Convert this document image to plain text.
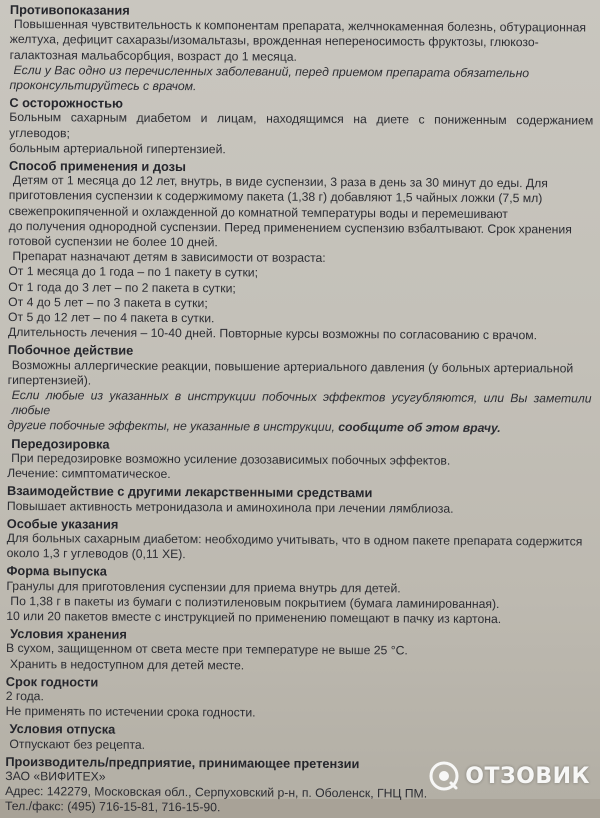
Противопоказания

Повышенная чувствительность к компонентам препарата, желчнокаменная болезнь, обтурационная

желтуха, дефицит сахаразы/изомальтазы, врожденная непереносимость фруктозы, глюкозо-

галактозная мальабсорбция, возраст до 1 месяца.

Если у Вас одно из перечисленных заболеваний, перед приемом препарата обязательно

проконсультируйтесь с врачом.

С осторожностью

Больным сахарным диабетом и лицам, находящимся на диете с пониженным содержанием углеводов;

больным артериальной гипертензией.

Способ применения и дозы

Детям от 1 месяца до 12 лет, внутрь, в виде суспензии, 3 раза в день за 30 минут до еды. Для

приготовления суспензии к содержимому пакета (1,38 г) добавляют 1,5 чайных ложки (7,5 мл)

свежепрокипяченной и охлажденной до комнатной температуры воды и перемешивают

до получения однородной суспензии. Перед применением суспензию взбалтывают. Срок хранения

готовой суспензии не более 10 дней.

Препарат назначают детям в зависимости от возраста:

От 1 месяца до 1 года – по 1 пакету в сутки;

От 1 года до 3 лет – по 2 пакета в сутки;

От 4 до 5 лет – по 3 пакета в сутки;

От 5 до 12 лет – по 4 пакета в сутки.

Длительность лечения – 10-40 дней. Повторные курсы возможны по согласованию с врачом.

Побочное действие

Возможны аллергические реакции, повышение артериального давления (у больных артериальной

гипертензией).

Если любые из указанных в инструкции побочных эффектов усугубляются, или Вы заметили любые

другие побочные эффекты, не указанные в инструкции, сообщите об этом врачу.

Передозировка

При передозировке возможно усиление дозозависимых побочных эффектов.

Лечение: симптоматическое.

Взаимодействие с другими лекарственными средствами

Повышает активность метронидазола и аминохинола при лечении лямблиоза.

Особые указания

Для больных сахарным диабетом: необходимо учитывать, что в одном пакете препарата содержится

около 1,3 г углеводов (0,11 ХЕ).

Форма выпуска

Гранулы для приготовления суспензии для приема внутрь для детей.

По 1,38 г в пакеты из бумаги с полиэтиленовым покрытием (бумага ламинированная).

10 или 20 пакетов вместе с инструкцией по применению помещают в пачку из картона.

Условия хранения

В сухом, защищенном от света месте при температуре не выше 25 °С.

Хранить в недоступном для детей месте.

Срок годности

2 года.

Не применять по истечении срока годности.

Условия отпуска

Отпускают без рецепта.

Производитель/предприятие, принимающее претензии

ЗАО «ВИФИТЕХ»

Адрес: 142279, Московская обл., Серпуховский р-н, п. Оболенск, ГНЦ ПМ.

Тел./факс: (495) 716-15-81, 716-15-90.

ОТЗОВИК
